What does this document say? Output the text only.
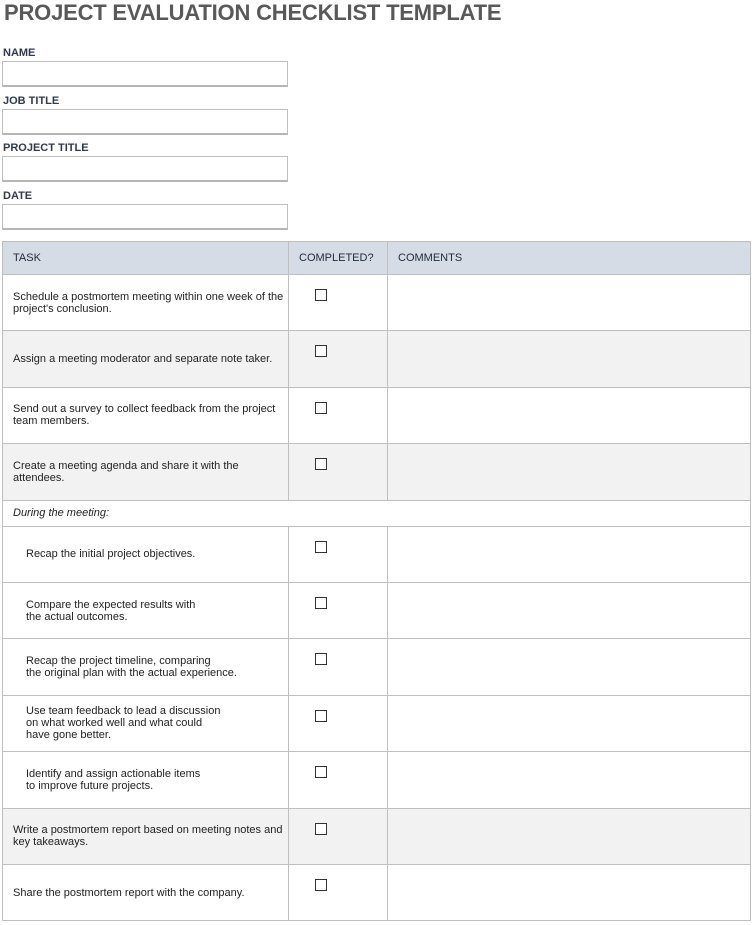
PROJECT EVALUATION CHECKLIST TEMPLATE
NAME
JOB TITLE
PROJECT TITLE
DATE
TASK	COMPLETED?	COMMENTS

Schedule a postmortem meeting within one week of the
project's conclusion.		

Assign a meeting moderator and separate note taker.		

Send out a survey to collect feedback from the project
team members.		

Create a meeting agenda and share it with the attendees.		

During the meeting:		

Recap the initial project objectives.		

Compare the expected results with
the actual outcomes.		

Recap the project timeline, comparing
the original plan with the actual experience.		

Use team feedback to lead a discussion
on what worked well and what could
have gone better.		

Identify and assign actionable items
to improve future projects.		

Write a postmortem report based on meeting notes and
key takeaways.		

Share the postmortem report with the company.		
